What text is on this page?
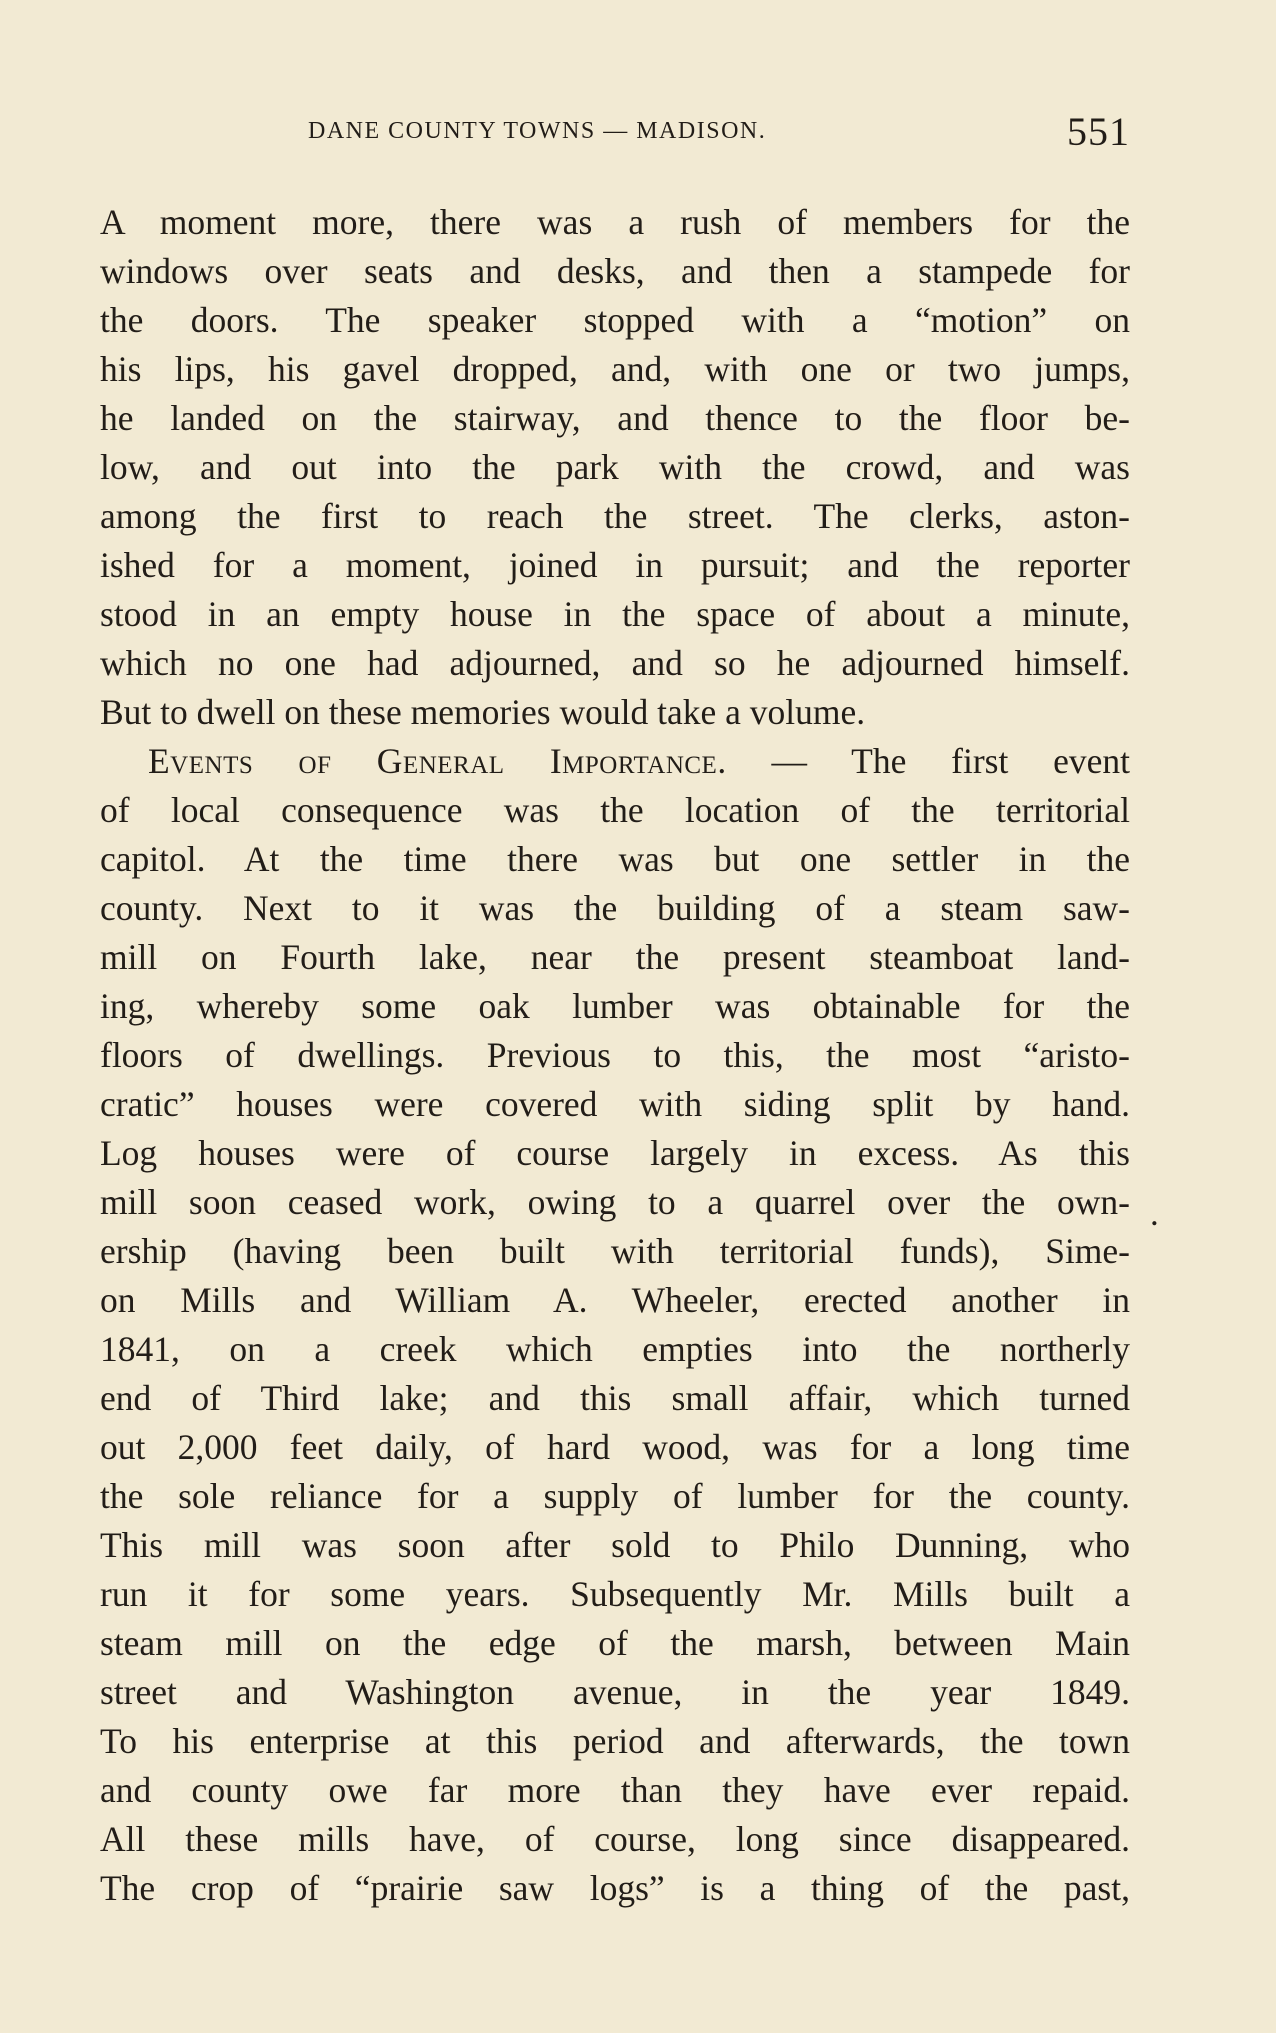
DANE COUNTY TOWNS — MADISON.	551
A moment more, there was a rush of members for the
windows over seats and desks, and then a stampede for
the doors. The speaker stopped with a “motion” on
his lips, his gavel dropped, and, with one or two jumps,
he landed on the stairway, and thence to the floor be-
low, and out into the park with the crowd, and was
among the first to reach the street. The clerks, aston-
ished for a moment, joined in pursuit; and the reporter
stood in an empty house in the space of about a minute,
which no one had adjourned, and so he adjourned himself.
But to dwell on these memories would take a volume.
Events of General Importance. — The first event
of local consequence was the location of the territorial
capitol. At the time there was but one settler in the
county. Next to it was the building of a steam saw-
mill on Fourth lake, near the present steamboat land-
ing, whereby some oak lumber was obtainable for the
floors of dwellings. Previous to this, the most “aristo-
cratic” houses were covered with siding split by hand.
Log houses were of course largely in excess. As this
mill soon ceased work, owing to a quarrel over the own-
ership (having been built with territorial funds), Sime-
on Mills and William A. Wheeler, erected another in
1841, on a creek which empties into the northerly
end of Third lake; and this small affair, which turned
out 2,000 feet daily, of hard wood, was for a long time
the sole reliance for a supply of lumber for the county.
This mill was soon after sold to Philo Dunning, who
run it for some years. Subsequently Mr. Mills built a
steam mill on the edge of the marsh, between Main
street and Washington avenue, in the year 1849.
To his enterprise at this period and afterwards, the town
and county owe far more than they have ever repaid.
All these mills have, of course, long since disappeared.
The crop of “prairie saw logs” is a thing of the past,
.
